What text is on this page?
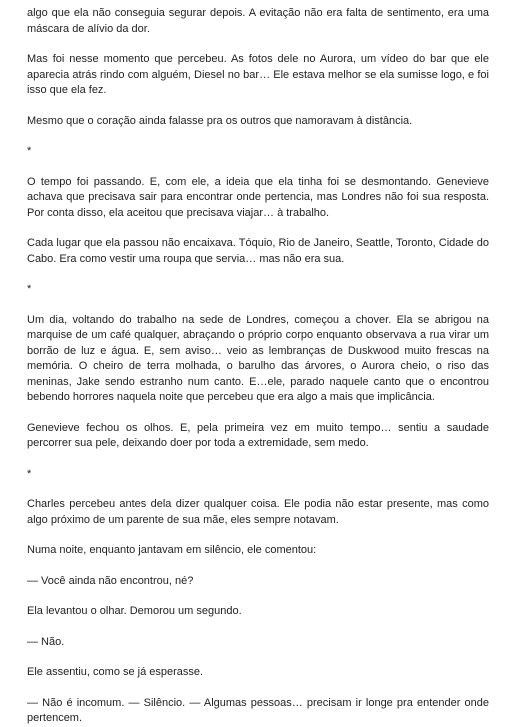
algo que ela não conseguia segurar depois. A evitação não era falta de sentimento, era uma máscara de alívio da dor.

Mas foi nesse momento que percebeu. As fotos dele no Aurora, um vídeo do bar que ele aparecia atrás rindo com alguém, Diesel no bar… Ele estava melhor se ela sumisse logo, e foi isso que ela fez.

Mesmo que o coração ainda falasse pra os outros que namoravam à distância.

*

O tempo foi passando. E, com ele, a ideia que ela tinha foi se desmontando. Genevieve achava que precisava sair para encontrar onde pertencia, mas Londres não foi sua resposta. Por conta disso, ela aceitou que precisava viajar… à trabalho.

Cada lugar que ela passou não encaixava. Tóquio, Rio de Janeiro, Seattle, Toronto, Cidade do Cabo. Era como vestir uma roupa que servia… mas não era sua.

*

Um dia, voltando do trabalho na sede de Londres, começou a chover. Ela se abrigou na marquise de um café qualquer, abraçando o próprio corpo enquanto observava a rua virar um borrão de luz e água. E, sem aviso… veio as lembranças de Duskwood muito frescas na memória. O cheiro de terra molhada, o barulho das árvores, o Aurora cheio, o riso das meninas, Jake sendo estranho num canto. E…ele, parado naquele canto que o encontrou bebendo horrores naquela noite que percebeu que era algo a mais que implicância.

Genevieve fechou os olhos. E, pela primeira vez em muito tempo… sentiu a saudade percorrer sua pele, deixando doer por toda a extremidade, sem medo.

*

Charles percebeu antes dela dizer qualquer coisa. Ele podia não estar presente, mas como algo próximo de um parente de sua mãe, eles sempre notavam.

Numa noite, enquanto jantavam em silêncio, ele comentou:

— Você ainda não encontrou, né?

Ela levantou o olhar. Demorou um segundo.

— Não.

Ele assentiu, como se já esperasse.

— Não é incomum. — Silêncio. — Algumas pessoas… precisam ir longe pra entender onde pertencem.
